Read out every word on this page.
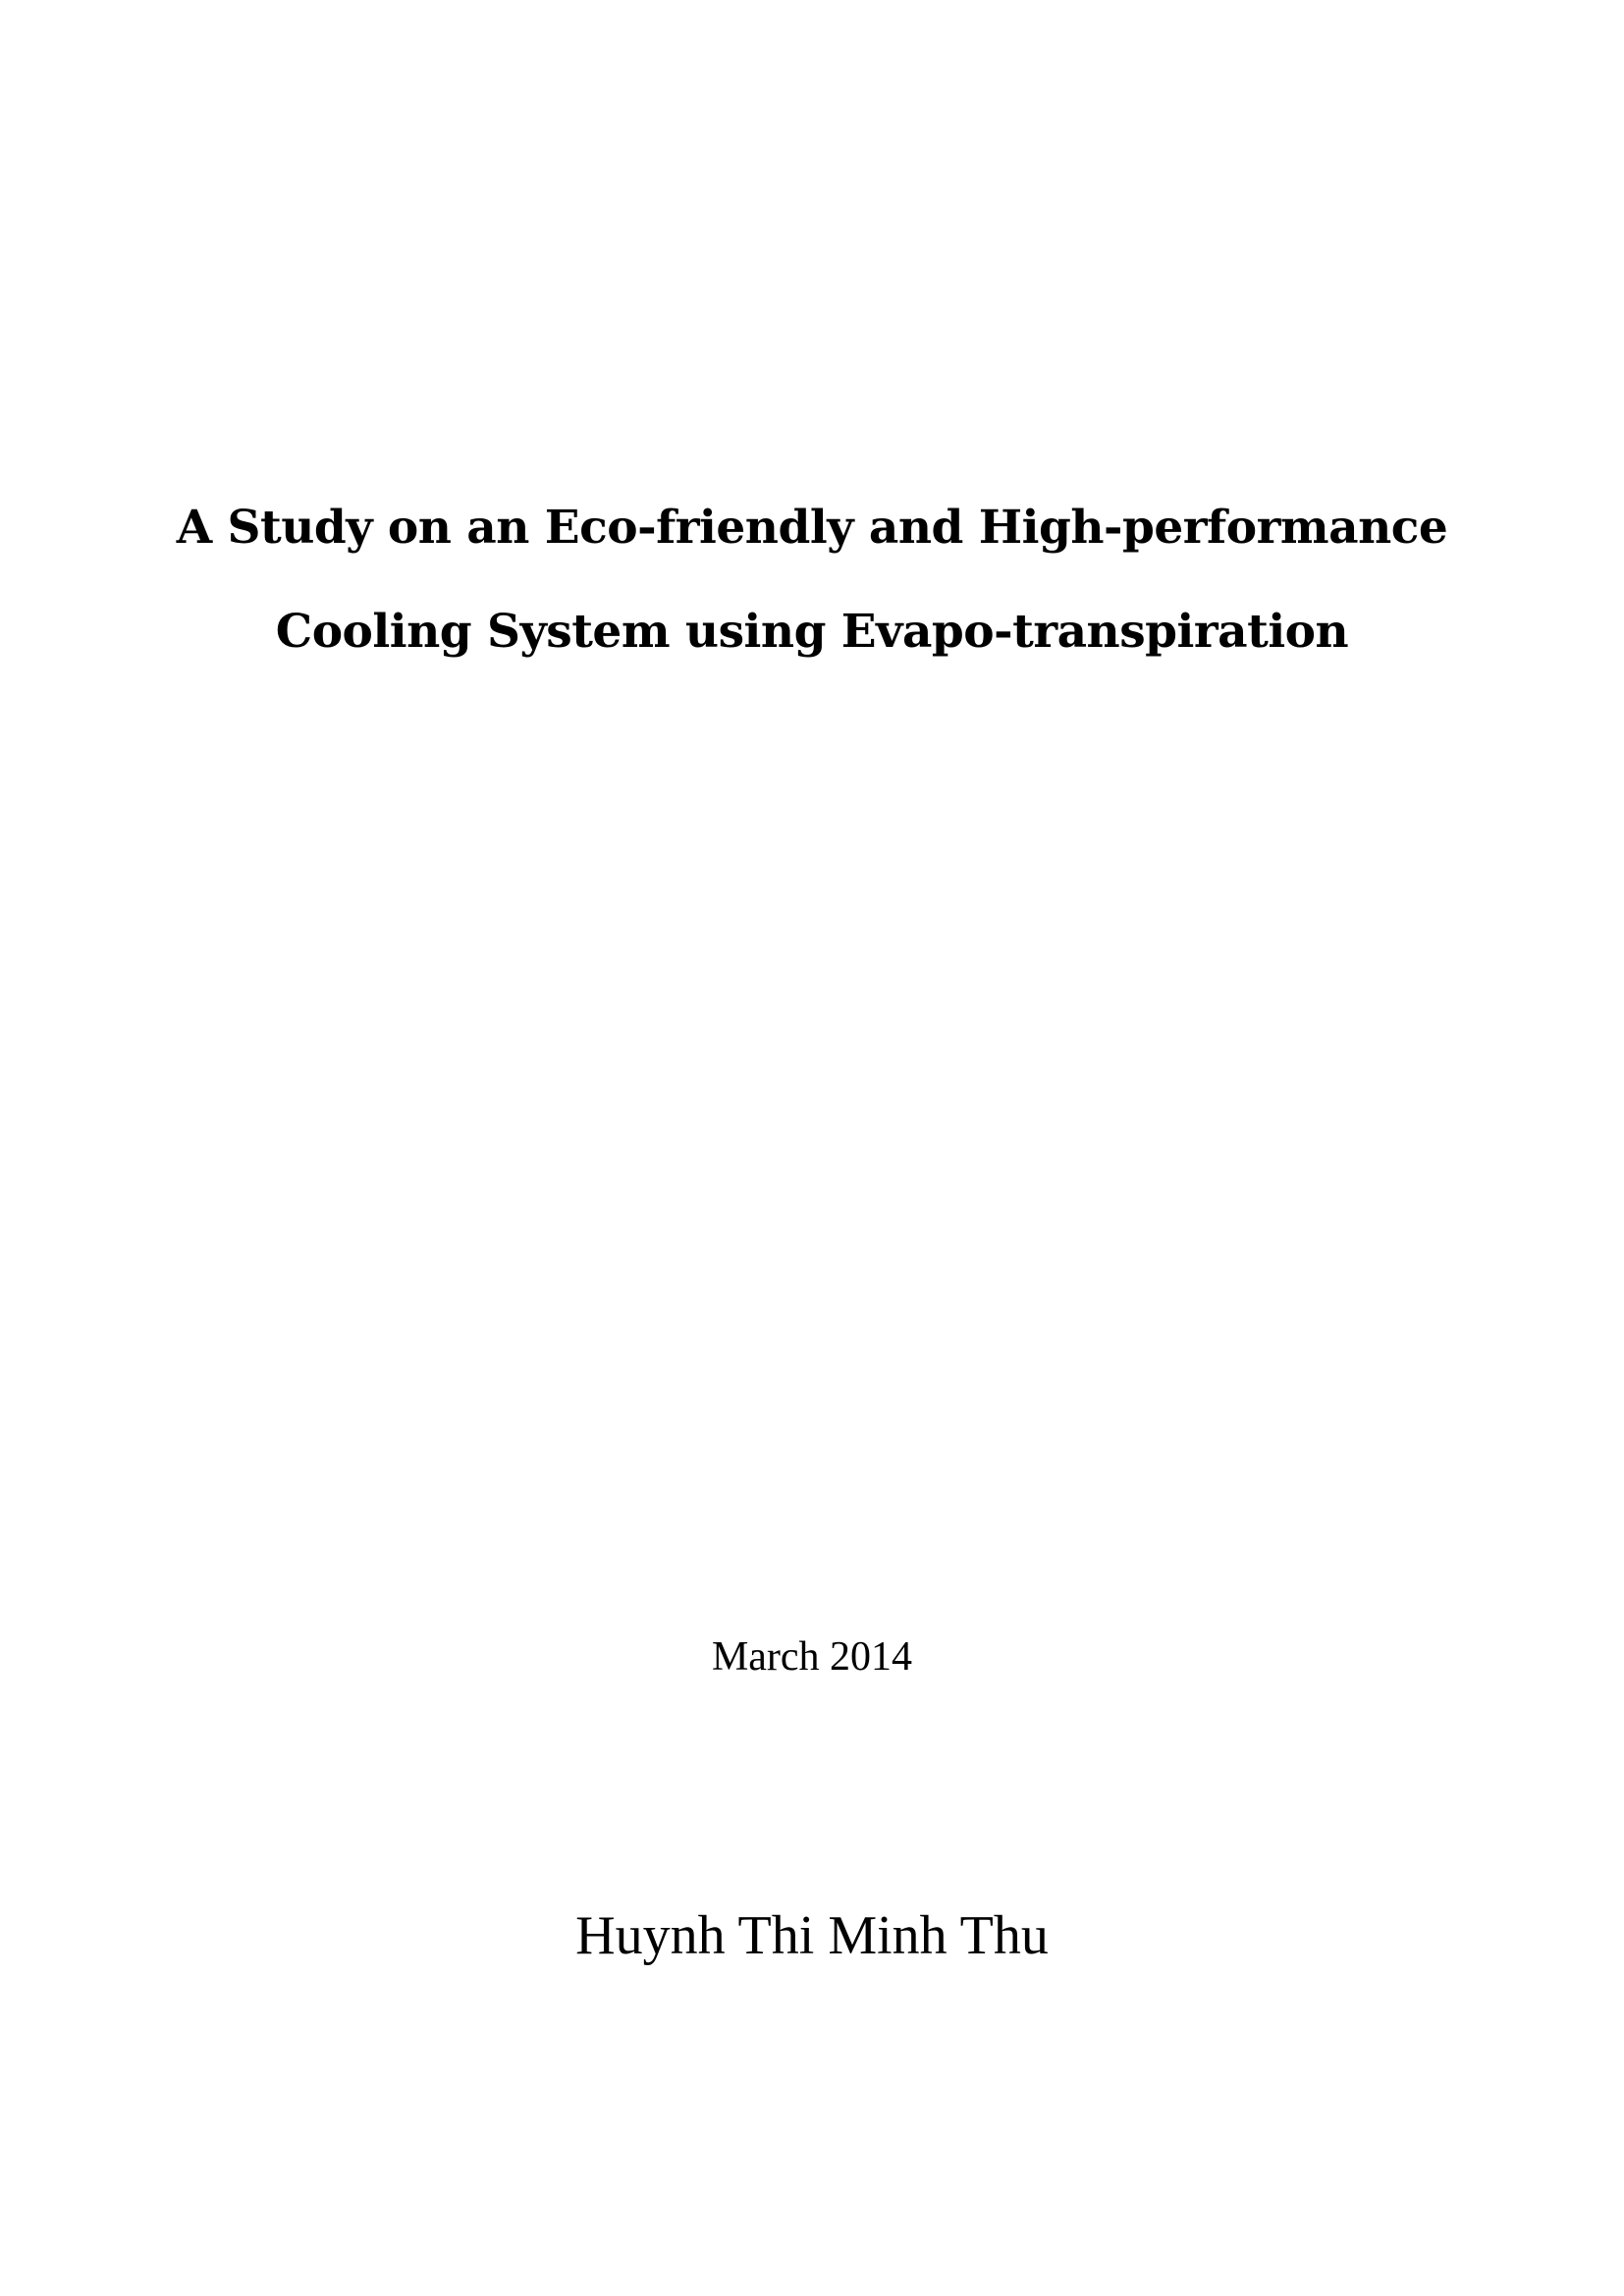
A Study on an Eco-friendly and High-performance
Cooling System using Evapo-transpiration
March 2014
Huynh Thi Minh Thu
